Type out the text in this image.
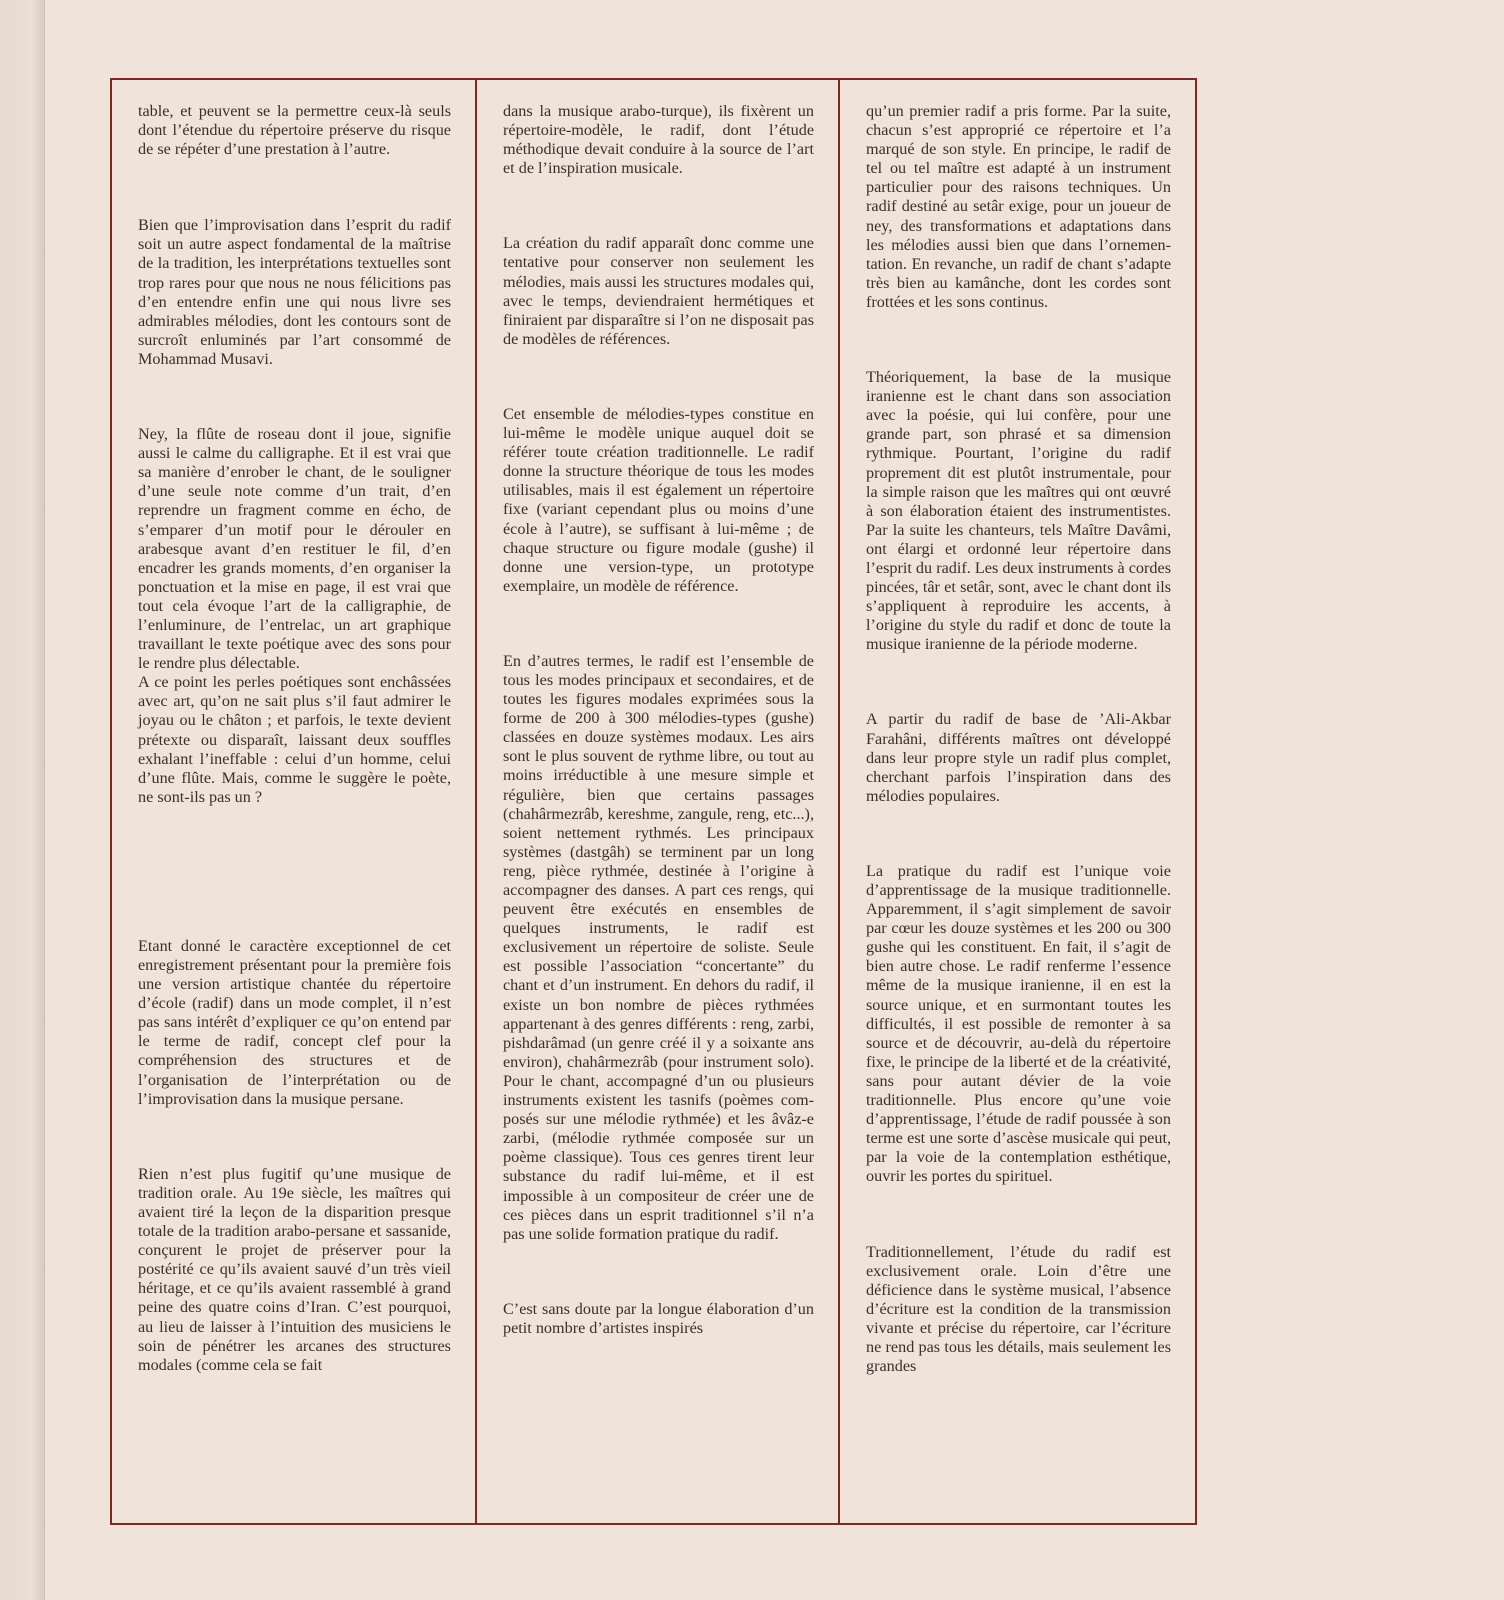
table, et peuvent se la permettre ceux-là seuls dont l’étendue du répertoire préserve du risque de se répéter d’une prestation à l’autre.

Bien que l’improvisation dans l’esprit du radif soit un autre aspect fondamental de la maîtrise de la tradition, les interprétations textuelles sont trop rares pour que nous ne nous félicitions pas d’en entendre enfin une qui nous livre ses admirables mélodies, dont les contours sont de surcroît enluminés par l’art consommé de Mohammad Musavi.

Ney, la flûte de roseau dont il joue, signifie aussi le calme du calligraphe. Et il est vrai que sa manière d’enrober le chant, de le souligner d’une seule note comme d’un trait, d’en reprendre un fragment comme en écho, de s’emparer d’un motif pour le dérouler en arabesque avant d’en restituer le fil, d’en encadrer les grands moments, d’en organiser la ponctuation et la mise en page, il est vrai que tout cela évoque l’art de la calligraphie, de l’enluminure, de l’entrelac, un art graphique travaillant le texte poétique avec des sons pour le rendre plus délectable.

A ce point les perles poétiques sont enchâssées avec art, qu’on ne sait plus s’il faut admirer le joyau ou le châton ; et parfois, le texte devient prétexte ou disparaît, laissant deux souffles exhalant l’ineffable : celui d’un homme, celui d’une flûte. Mais, comme le suggère le poète, ne sont-ils pas un ?

Etant donné le caractère exceptionnel de cet enregistrement présentant pour la première fois une version artistique chantée du répertoire d’école (radif) dans un mode complet, il n’est pas sans intérêt d’expliquer ce qu’on entend par le terme de radif, concept clef pour la compréhension des structures et de l’organisation de l’interprétation ou de l’improvisation dans la musique persane.

Rien n’est plus fugitif qu’une musique de tradition orale. Au 19e siècle, les maîtres qui avaient tiré la leçon de la disparition presque totale de la tradition arabo-persane et sassanide, conçurent le projet de préserver pour la postérité ce qu’ils avaient sauvé d’un très vieil héritage, et ce qu’ils avaient rassemblé à grand peine des quatre coins d’Iran. C’est pourquoi, au lieu de laisser à l’intuition des musiciens le soin de pénétrer les arcanes des structures modales (comme cela se fait

dans la musique arabo-turque), ils fixèrent un répertoire-modèle, le radif, dont l’étude méthodique devait conduire à la source de l’art et de l’inspiration musicale.

La création du radif apparaît donc comme une tentative pour conserver non seulement les mélodies, mais aussi les structures modales qui, avec le temps, deviendraient hermétiques et finiraient par disparaître si l’on ne disposait pas de modèles de références.

Cet ensemble de mélodies-types constitue en lui-même le modèle unique auquel doit se référer toute création traditionnelle. Le radif donne la structure théorique de tous les modes utilisables, mais il est également un répertoire fixe (variant cependant plus ou moins d’une école à l’autre), se suffisant à lui-même ; de chaque structure ou figure modale (gushe) il donne une version-type, un prototype exemplaire, un modèle de référence.

En d’autres termes, le radif est l’ensemble de tous les modes principaux et secondaires, et de toutes les figures modales exprimées sous la forme de 200 à 300 mélodies-types (gushe) classées en douze systèmes modaux. Les airs sont le plus souvent de rythme libre, ou tout au moins irréductible à une mesure simple et régulière, bien que certains passages (chahârmezrâb, kereshme, zangule, reng, etc...), soient nettement rythmés. Les principaux systèmes (dastgâh) se terminent par un long reng, pièce rythmée, destinée à l’origine à accompagner des danses. A part ces rengs, qui peuvent être exécutés en ensembles de quelques instruments, le radif est exclusivement un répertoire de soliste. Seule est possible l’association “concertante” du chant et d’un instrument. En dehors du radif, il existe un bon nombre de pièces rythmées appartenant à des genres différents : reng, zarbi, pishdarâmad (un genre créé il y a soixante ans environ), chahârmezrâb (pour instrument solo). Pour le chant, accompagné d’un ou plusieurs instruments existent les tasnifs (poèmes composés sur une mélodie rythmée) et les âvâz-e zarbi, (mélodie rythmée composée sur un poème classique). Tous ces genres tirent leur substance du radif lui-même, et il est impossible à un compositeur de créer une de ces pièces dans un esprit traditionnel s’il n’a pas une solide formation pratique du radif.

C’est sans doute par la longue élaboration d’un petit nombre d’artistes inspirés

qu’un premier radif a pris forme. Par la suite, chacun s’est approprié ce répertoire et l’a marqué de son style. En principe, le radif de tel ou tel maître est adapté à un instrument particulier pour des raisons techniques. Un radif destiné au setâr exige, pour un joueur de ney, des transformations et adaptations dans les mélodies aussi bien que dans l’ornementation. En revanche, un radif de chant s’adapte très bien au kamânche, dont les cordes sont frottées et les sons continus.

Théoriquement, la base de la musique iranienne est le chant dans son association avec la poésie, qui lui confère, pour une grande part, son phrasé et sa dimension rythmique. Pourtant, l’origine du radif proprement dit est plutôt instrumentale, pour la simple raison que les maîtres qui ont œuvré à son élaboration étaient des instrumentistes. Par la suite les chanteurs, tels Maître Davâmi, ont élargi et ordonné leur répertoire dans l’esprit du radif. Les deux instruments à cordes pincées, târ et setâr, sont, avec le chant dont ils s’appliquent à reproduire les accents, à l’origine du style du radif et donc de toute la musique iranienne de la période moderne.

A partir du radif de base de ’Ali-Akbar Farahâni, différents maîtres ont développé dans leur propre style un radif plus complet, cherchant parfois l’inspiration dans des mélodies populaires.

La pratique du radif est l’unique voie d’apprentissage de la musique traditionnelle. Apparemment, il s’agit simplement de savoir par cœur les douze systèmes et les 200 ou 300 gushe qui les constituent. En fait, il s’agit de bien autre chose. Le radif renferme l’essence même de la musique iranienne, il en est la source unique, et en surmontant toutes les difficultés, il est possible de remonter à sa source et de découvrir, au-delà du répertoire fixe, le principe de la liberté et de la créativité, sans pour autant dévier de la voie traditionnelle. Plus encore qu’une voie d’apprentissage, l’étude de radif poussée à son terme est une sorte d’ascèse musicale qui peut, par la voie de la contemplation esthétique, ouvrir les portes du spirituel.

Traditionnellement, l’étude du radif est exclusivement orale. Loin d’être une déficience dans le système musical, l’absence d’écriture est la condition de la transmission vivante et précise du répertoire, car l’écriture ne rend pas tous les détails, mais seulement les grandes
